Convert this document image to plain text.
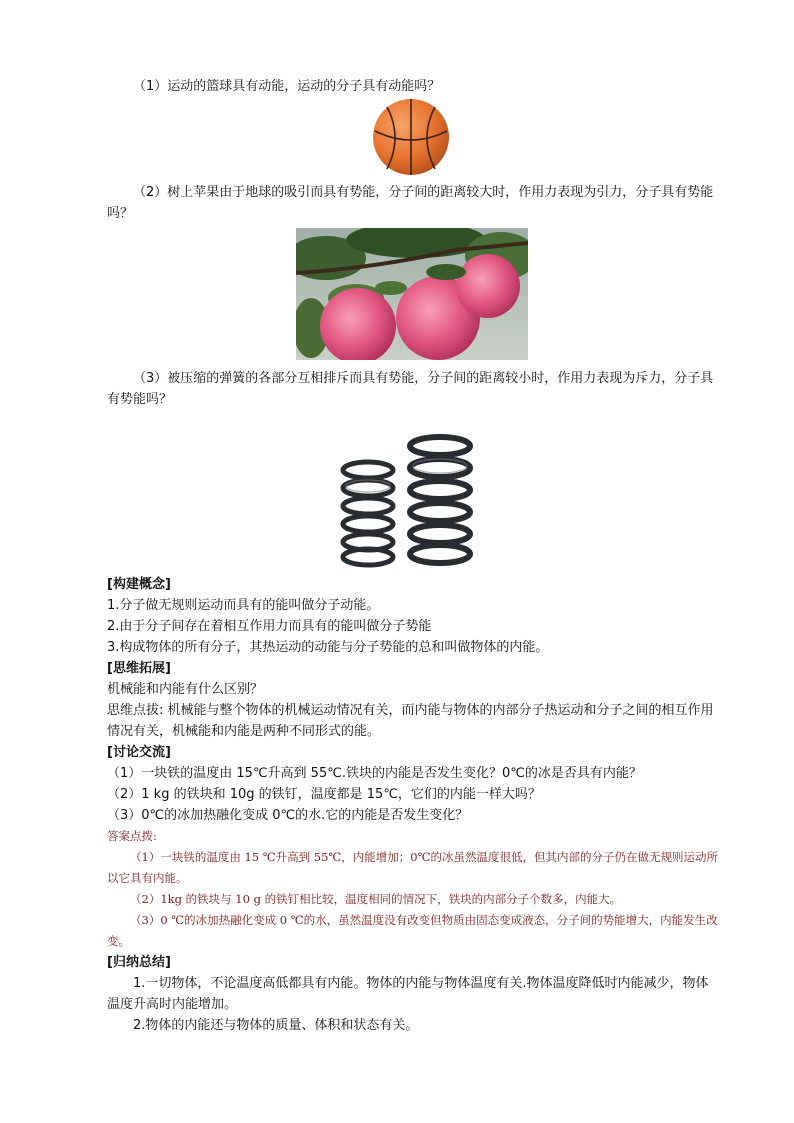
（1）运动的篮球具有动能，运动的分子具有动能吗？

（2）树上苹果由于地球的吸引而具有势能，分子间的距离较大时，作用力表现为引力，分子具有势能吗？

（3）被压缩的弹簧的各部分互相排斥而具有势能，分子间的距离较小时，作用力表现为斥力，分子具有势能吗？

[构建概念]

1.分子做无规则运动而具有的能叫做分子动能。

2.由于分子间存在着相互作用力而具有的能叫做分子势能

3.构成物体的所有分子，其热运动的动能与分子势能的总和叫做物体的内能。

[思维拓展]

机械能和内能有什么区别？

思维点拔: 机械能与整个物体的机械运动情况有关，而内能与物体的内部分子热运动和分子之间的相互作用情况有关，机械能和内能是两种不同形式的能。

[讨论交流]

（1）一块铁的温度由 15℃升高到 55℃.铁块的内能是否发生变化？0℃的冰是否具有内能？

（2）1 kg 的铁块和 10g 的铁钉，温度都是 15℃，它们的内能一样大吗？

（3）0℃的冰加热融化变成 0℃的水.它的内能是否发生变化？

答案点拨:

（1）一块铁的温度由 15 ℃升高到 55℃，内能增加；0℃的冰虽然温度很低，但其内部的分子仍在做无规则运动所以它具有内能。

（2）1kg 的铁块与 10 g 的铁钉相比较，温度相同的情况下，铁块的内部分子个数多，内能大。

（3）0 ℃的冰加热融化变成 0 ℃的水，虽然温度没有改变但物质由固态变成液态，分子间的势能增大，内能发生改变。

[归纳总结]

1.一切物体，不论温度高低都具有内能。物体的内能与物体温度有关.物体温度降低时内能减少，物体温度升高时内能增加。

2.物体的内能还与物体的质量、体积和状态有关。
